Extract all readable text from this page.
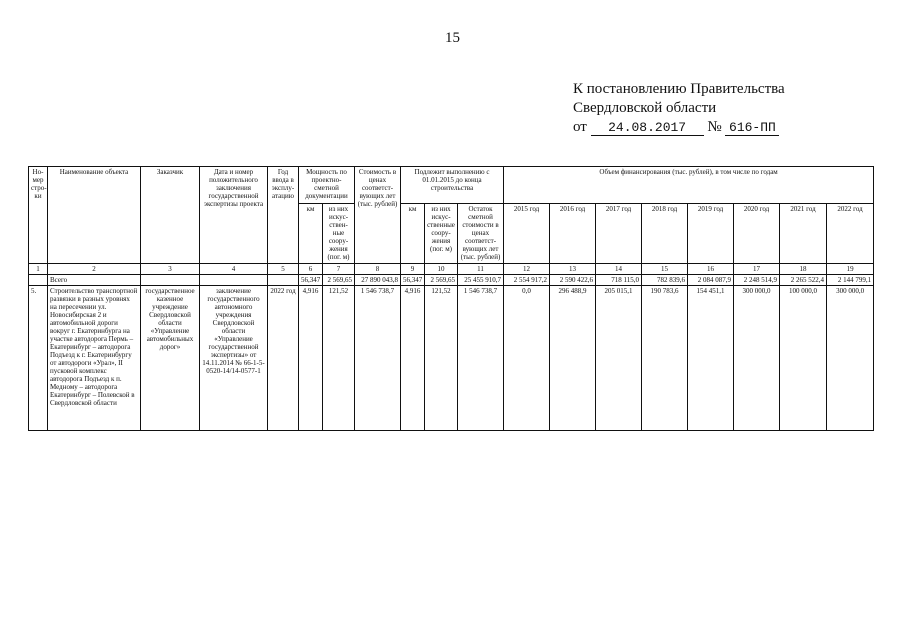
15
К постановлению Правительства
Свердловской области
от 24.08.2017 № 616-ПП
Но-мер стро-ки	Наименование объекта	Заказчик	Дата и номер положительного заключения государственной экспертизы проекта	Год ввода в эксплу-атацию	Мощность по проектно-сметной документации		Стоимость в ценах соответст-вующих лет (тыс. рублей)	Подлежит выполнению с 01.01.2015 до конца строительства			Объем финансирования (тыс. рублей), в том числе по годам							
					км	из них искус-ствен-ные соору-жения (пог. м)		км	из них искус-ственные соору-жения (пог. м)	Остаток сметной стоимости в ценах соответст-вующих лет (тыс. рублей)	2015 год	2016 год	2017 год	2018 год	2019 год	2020 год	2021 год	2022 год
1	2	3	4	5	6	7	8	9	10	11	12	13	14	15	16	17	18	19
	Всего				56,347	2 569,65	27 890 043,8	56,347	2 569,65	25 455 910,7	2 554 917,2	2 590 422,6	718 115,0	782 839,6	2 084 087,9	2 248 514,9	2 265 522,4	2 144 799,1
5.	Строительство транспортной развязки в разных уровнях на пересечении ул. Новосибирская 2 и автомобильной дороги вокруг г. Екатеринбурга на участке автодорога Пермь – Екатеринбург – автодорога Подъезд к г. Екатеринбургу от автодороги «Урал», II пусковой комплекс автодорога Подъезд к п. Медному – автодорога Екатеринбург – Полевской в Свердловской области	государственное казенное учреждение Свердловской области «Управление автомобильных дорог»	заключение государственного автономного учреждения Свердловской области «Управление государственной экспертизы» от 14.11.2014 № 66-1-5-0520-14/14-0577-1	2022 год	4,916	121,52	1 546 738,7	4,916	121,52	1 546 738,7	0,0	296 488,9	205 015,1	190 783,6	154 451,1	300 000,0	100 000,0	300 000,0
